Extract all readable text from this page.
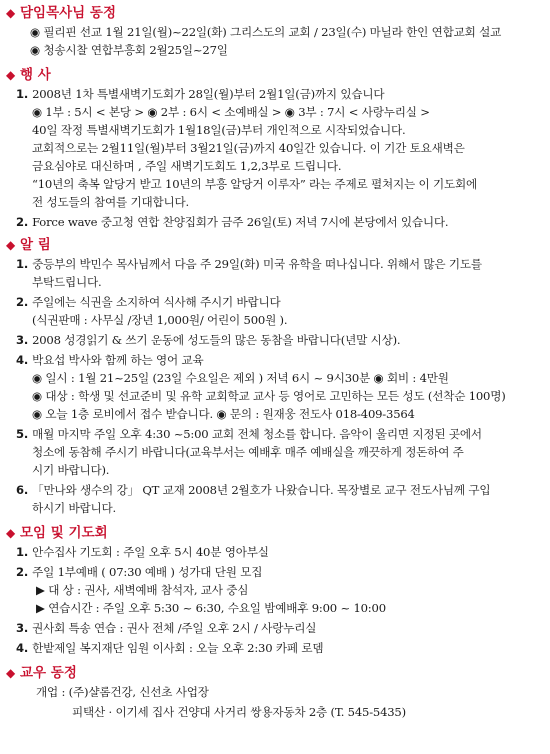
◆ 담임목사님 동정
◉ 필리핀 선교 1월 21일(월)~22일(화) 그리스도의 교회 / 23일(수) 마닐라 한인 연합교회 설교
◉ 청송시찰 연합부흥회 2월25일~27일
◆ 행 사
1. 2008년 1차 특별새벽기도회가 28일(월)부터 2월1일(금)까지 있습니다
◉ 1부 : 5시 < 본당 > ◉ 2부 : 6시 < 소예배실 > ◉ 3부 : 7시 < 사랑누리실 >
40일 작정 특별새벽기도회가 1월18일(금)부터 개인적으로 시작되었습니다.
교회적으로는 2월11일(월)부터 3월21일(금)까지 40일간 있습니다. 이 기간 토요새벽은
금요심야로 대신하며 , 주일 새벽기도회도 1,2,3부로 드립니다.
“10년의 축복 알당거 받고 10년의 부흥 알당거 이루자” 라는 주제로 펼쳐지는 이 기도회에
전 성도들의 참여를 기대합니다.
2. Force wave 중고청 연합 찬양집회가 금주 26일(토) 저녁 7시에 본당에서 있습니다.
◆ 알 림
1. 중등부의 박민수 목사님께서 다음 주 29일(화) 미국 유학을 떠나십니다. 위해서 많은 기도를
부탁드립니다.
2. 주일에는 식권을 소지하여 식사해 주시기 바랍니다
(식권판매 : 사무실 /장년 1,000원/ 어린이 500원 ).
3. 2008 성경읽기 & 쓰기 운동에 성도들의 많은 동참을 바랍니다(년말 시상).
4. 박요섭 박사와 함께 하는 영어 교육
◉ 일시 : 1월 21~25일 (23일 수요일은 제외 ) 저녁 6시 ~ 9시30분 ◉ 회비 : 4만원
◉ 대상 : 학생 및 선교준비 및 유학 교회학교 교사 등 영어로 고민하는 모든 성도 (선착순 100명)
◉ 오늘 1층 로비에서 접수 받습니다. ◉ 문의 : 원재웅 전도사 018-409-3564
5. 매월 마지막 주일 오후 4:30 ~5:00 교회 전체 청소를 합니다. 음악이 울리면 지정된 곳에서
청소에 동참해 주시기 바랍니다(교육부서는 예배후 매주 예배실을 깨끗하게 정돈하여 주
시기 바랍니다).
6. 「만나와 생수의 강」 QT 교재 2008년 2월호가 나왔습니다. 목장별로 교구 전도사님께 구입
하시기 바랍니다.
◆ 모임 및 기도회
1. 안수집사 기도회 : 주일 오후 5시 40분 영아부실
2. 주일 1부예배 ( 07:30 예배 ) 성가대 단원 모집
▶ 대 상 : 권사, 새벽예배 참석자, 교사 중심
▶ 연습시간 : 주일 오후 5:30 ~ 6:30, 수요일 밤예배후 9:00 ~ 10:00
3. 권사회 특송 연습 : 권사 전체 /주일 오후 2시 / 사랑누리실
4. 한밭제일 복지재단 임원 이사회 : 오늘 오후 2:30 카페 로뎀
◆ 교우 동정
개업 : (주)샬롬건강, 신선초 사업장
피택산 · 이기세 집사 건양대 사거리 쌍용자동차 2층 (T. 545-5435)
